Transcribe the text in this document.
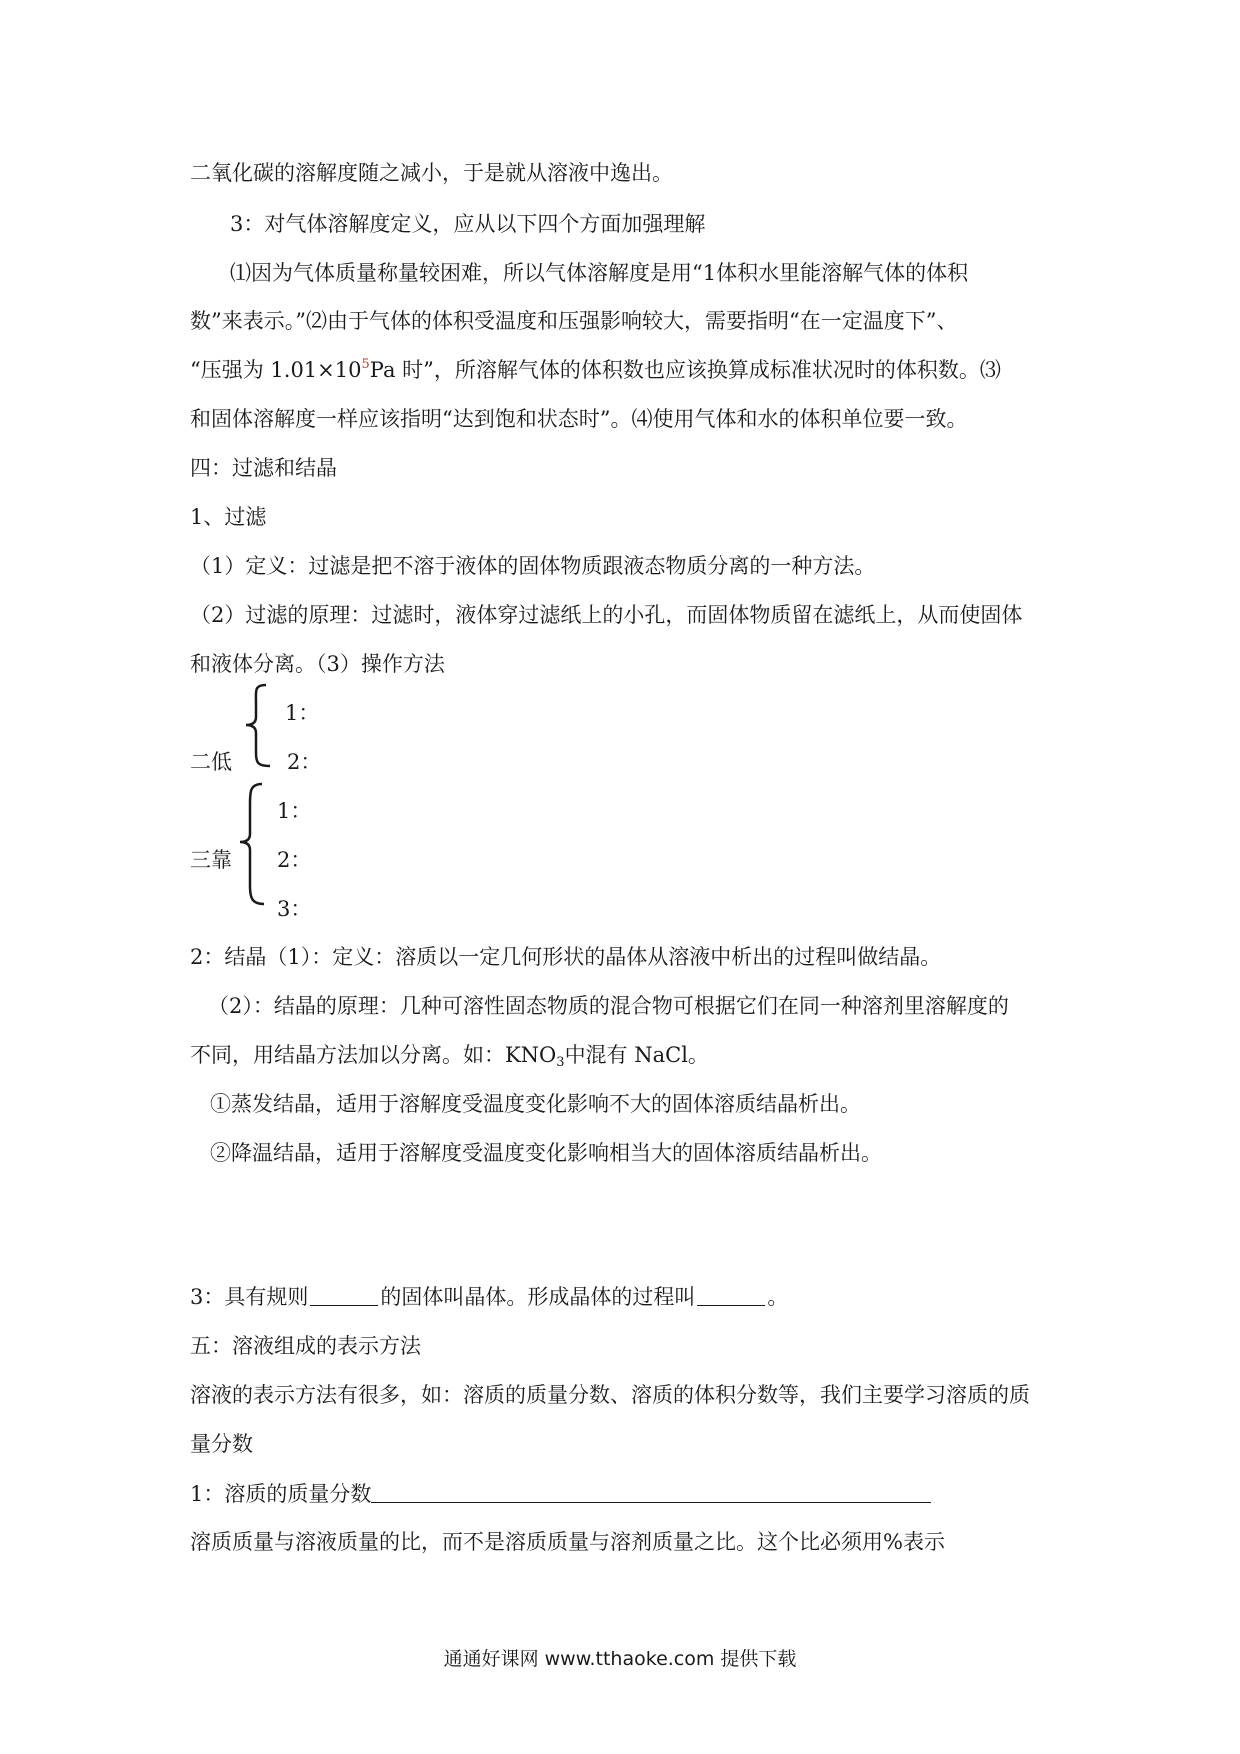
二氧化碳的溶解度随之减小，于是就从溶液中逸出。
3：对气体溶解度定义，应从以下四个方面加强理解
⑴因为气体质量称量较困难，所以气体溶解度是用“1体积水里能溶解气体的体积
数”来表示。”⑵由于气体的体积受温度和压强影响较大，需要指明“在一定温度下”、
“压强为 $1.01\times 10^5Pa$ 时”，所溶解气体的体积数也应该换算成标准状况时的体积数。⑶
和固体溶解度一样应该指明“达到饱和状态时”。⑷使用气体和水的体积单位要一致。
四：过滤和结晶
1、过滤
（1）定义：过滤是把不溶于液体的固体物质跟液态物质分离的一种方法。
（2）过滤的原理：过滤时，液体穿过滤纸上的小孔，而固体物质留在滤纸上，从而使固体
和液体分离。（3）操作方法
1：
二低	2：
1：
三靠 2：
3：
2：结晶（1）：定义：溶质以一定几何形状的晶体从溶液中析出的过程叫做结晶。
（2）：结晶的原理：几种可溶性固态物质的混合物可根据它们在同一种溶剂里溶解度的
不同，用结晶方法加以分离。如：KNO3中混有 NaCl。
①蒸发结晶，适用于溶解度受温度变化影响不大的固体溶质结晶析出。
②降温结晶，适用于溶解度受温度变化影响相当大的固体溶质结晶析出。
3：具有规则	的固体叫晶体。形成晶体的过程叫	。
五：溶液组成的表示方法
溶液的表示方法有很多，如：溶质的质量分数、溶质的体积分数等，我们主要学习溶质的质
量分数
1：溶质的质量分数
溶质质量与溶液质量的比，而不是溶质质量与溶剂质量之比。这个比必须用%表示
通通好课网 www.tthaoke.com 提供下载
